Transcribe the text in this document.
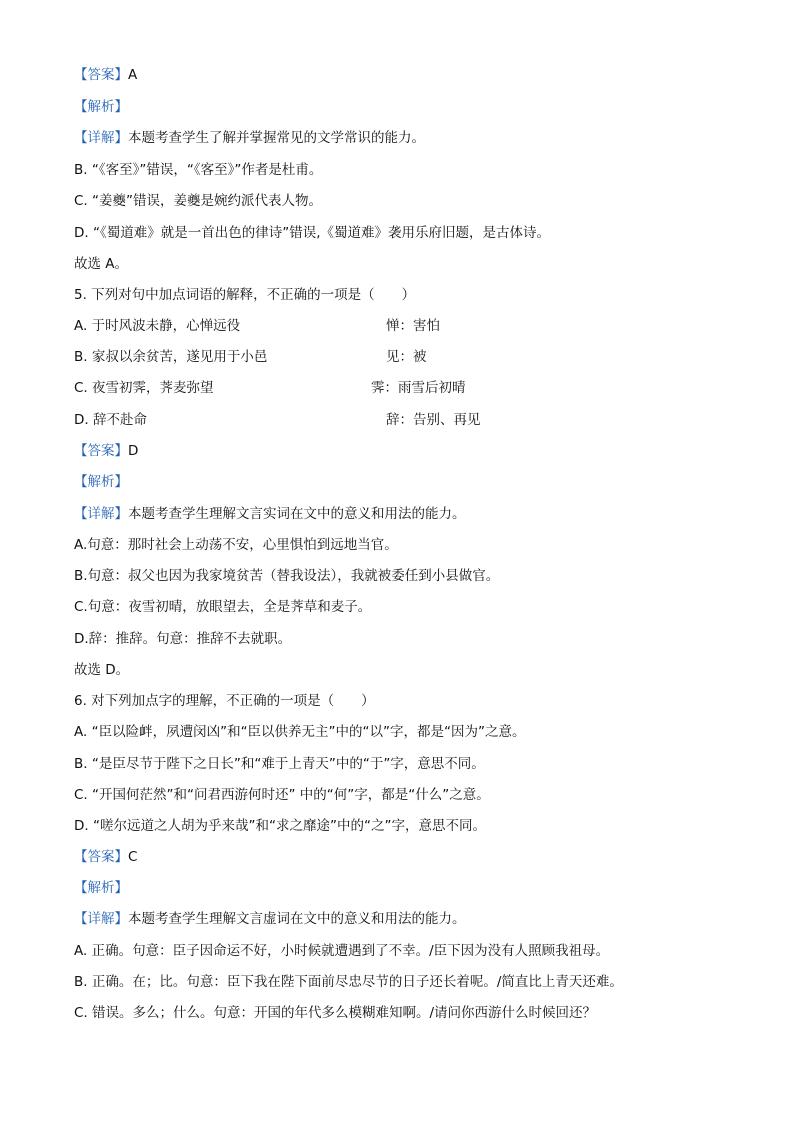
【答案】A
【解析】
【详解】本题考查学生了解并掌握常见的文学常识的能力。
B. “《客至》”错误，“《客至》”作者是杜甫。
C. “姜夔”错误，姜夔是婉约派代表人物。
D. “《蜀道难》就是一首出色的律诗”错误,《蜀道难》袭用乐府旧题，是古体诗。
故选 A。
5. 下列对句中加点词语的解释，不正确的一项是（　　）
A. 于时风波未静，心惮远役	惮：害怕
B. 家叔以余贫苦，遂见用于小邑	见：被
C. 夜雪初霁，荠麦弥望	霁：雨雪后初晴
D. 辞不赴命	辞：告别、再见
【答案】D
【解析】
【详解】本题考查学生理解文言实词在文中的意义和用法的能力。
A.句意：那时社会上动荡不安，心里惧怕到远地当官。
B.句意：叔父也因为我家境贫苦（替我设法），我就被委任到小县做官。
C.句意：夜雪初晴，放眼望去，全是荠草和麦子。
D.辞：推辞。句意：推辞不去就职。
故选 D。
6. 对下列加点字的理解，不正确的一项是（　　）
A. “臣以险衅，夙遭闵凶”和“臣以供养无主”中的“以”字，都是“因为”之意。
B. “是臣尽节于陛下之日长”和“难于上青天”中的“于”字，意思不同。
C. “开国何茫然”和“问君西游何时还” 中的“何”字，都是“什么”之意。
D. “嗟尔远道之人胡为乎来哉”和“求之靡途”中的“之”字，意思不同。
【答案】C
【解析】
【详解】本题考查学生理解文言虚词在文中的意义和用法的能力。
A. 正确。句意：臣子因命运不好，小时候就遭遇到了不幸。/臣下因为没有人照顾我祖母。
B. 正确。在；比。句意：臣下我在陛下面前尽忠尽节的日子还长着呢。/简直比上青天还难。
C. 错误。多么；什么。句意：开国的年代多么模糊难知啊。/请问你西游什么时候回还？
